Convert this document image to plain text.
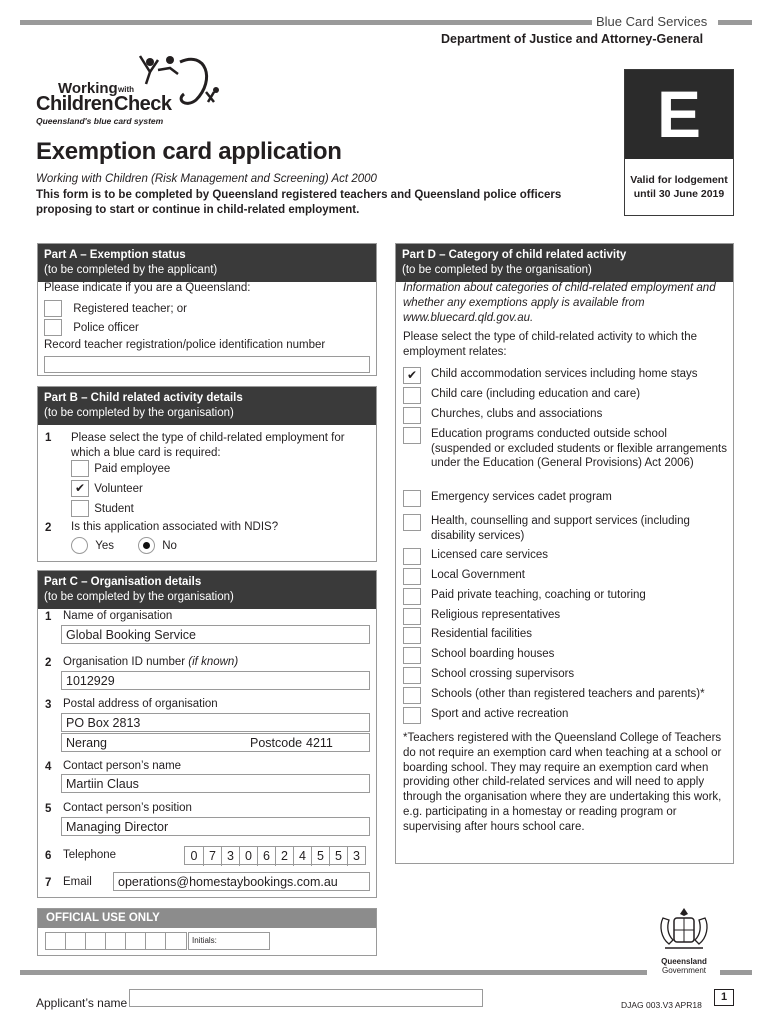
Blue Card Services
Department of Justice and Attorney-General
Working with
Children Check
Queensland's blue card system	E
Valid for lodgement
until 30 June 2019
Exemption card application
Working with Children (Risk Management and Screening) Act 2000
This form is to be completed by Queensland registered teachers and Queensland police officers proposing to start or continue in child-related employment.
Part A – Exemption status
(to be completed by the applicant)
Please indicate if you are a Queensland:
Registered teacher; or
Police officer
Record teacher registration/police identification number
Part B – Child related activity details
(to be completed by the organisation)
1 Please select the type of child-related employment for which a blue card is required:
Paid employee
✔ Volunteer
Student
2 Is this application associated with NDIS?
Yes	No
Part C – Organisation details
(to be completed by the organisation)
1 Name of organisation
Global Booking Service
2 Organisation ID number (if known)
1012929
3 Postal address of organisation
PO Box 2813
Nerang	Postcode 4211
4 Contact person’s name
Martiin Claus
5 Contact person’s position
Managing Director
6 Telephone	0 7 3 0 6 2 4 5 5 3
7 Email	operations@homestaybookings.com.au
OFFICIAL USE ONLY
Initials:
Part D – Category of child related activity
(to be completed by the organisation)
Information about categories of child-related employment and whether any exemptions apply is available from www.bluecard.qld.gov.au.
Please select the type of child-related activity to which the employment relates:
✔	Child accommodation services including home stays
Child care (including education and care)
Churches, clubs and associations
Education programs conducted outside school (suspended or excluded students or flexible arrangements under the Education (General Provisions) Act 2006)
Emergency services cadet program
Health, counselling and support services (including disability services)
Licensed care services
Local Government
Paid private teaching, coaching or tutoring
Religious representatives
Residential facilities
School boarding houses
School crossing supervisors
Schools (other than registered teachers and parents)*
Sport and active recreation
*Teachers registered with the Queensland College of Teachers do not require an exemption card when teaching at a school or boarding school. They may require an exemption card when providing other child-related services and will need to apply through the organisation where they are undertaking this work, e.g. participating in a homestay or reading program or supervising after hours school care.
Queensland
Government
Applicant’s name	DJAG 003.V3 APR18
1
